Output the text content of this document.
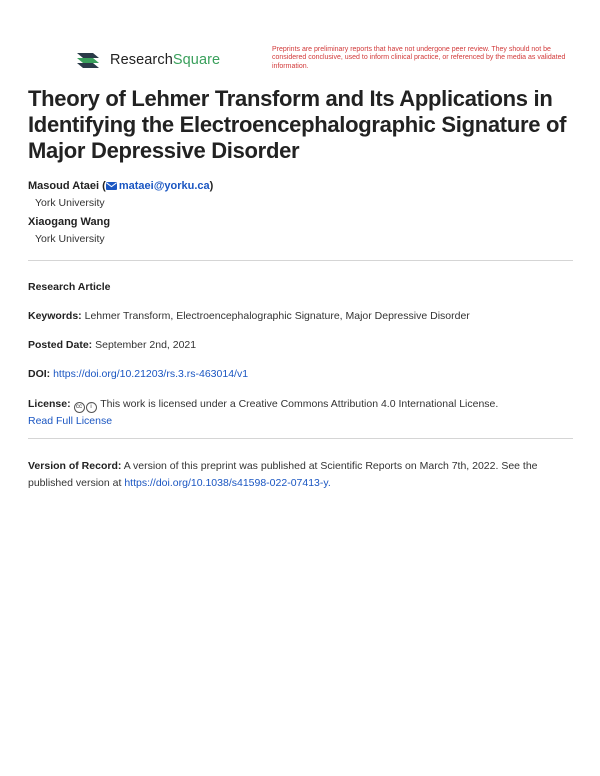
ResearchSquare
Preprints are preliminary reports that have not undergone peer review. They should not be considered conclusive, used to inform clinical practice, or referenced by the media as validated information.
Theory of Lehmer Transform and Its Applications in Identifying the Electroencephalographic Signature of Major Depressive Disorder
Masoud Ataei ( mataei@yorku.ca)
York University
Xiaogang Wang
York University
Research Article
Keywords: Lehmer Transform, Electroencephalographic Signature, Major Depressive Disorder
Posted Date: September 2nd, 2021
DOI: https://doi.org/10.21203/rs.3.rs-463014/v1
License: cc i This work is licensed under a Creative Commons Attribution 4.0 International License.
Read Full License
Version of Record: A version of this preprint was published at Scientific Reports on March 7th, 2022. See the published version at https://doi.org/10.1038/s41598-022-07413-y.
